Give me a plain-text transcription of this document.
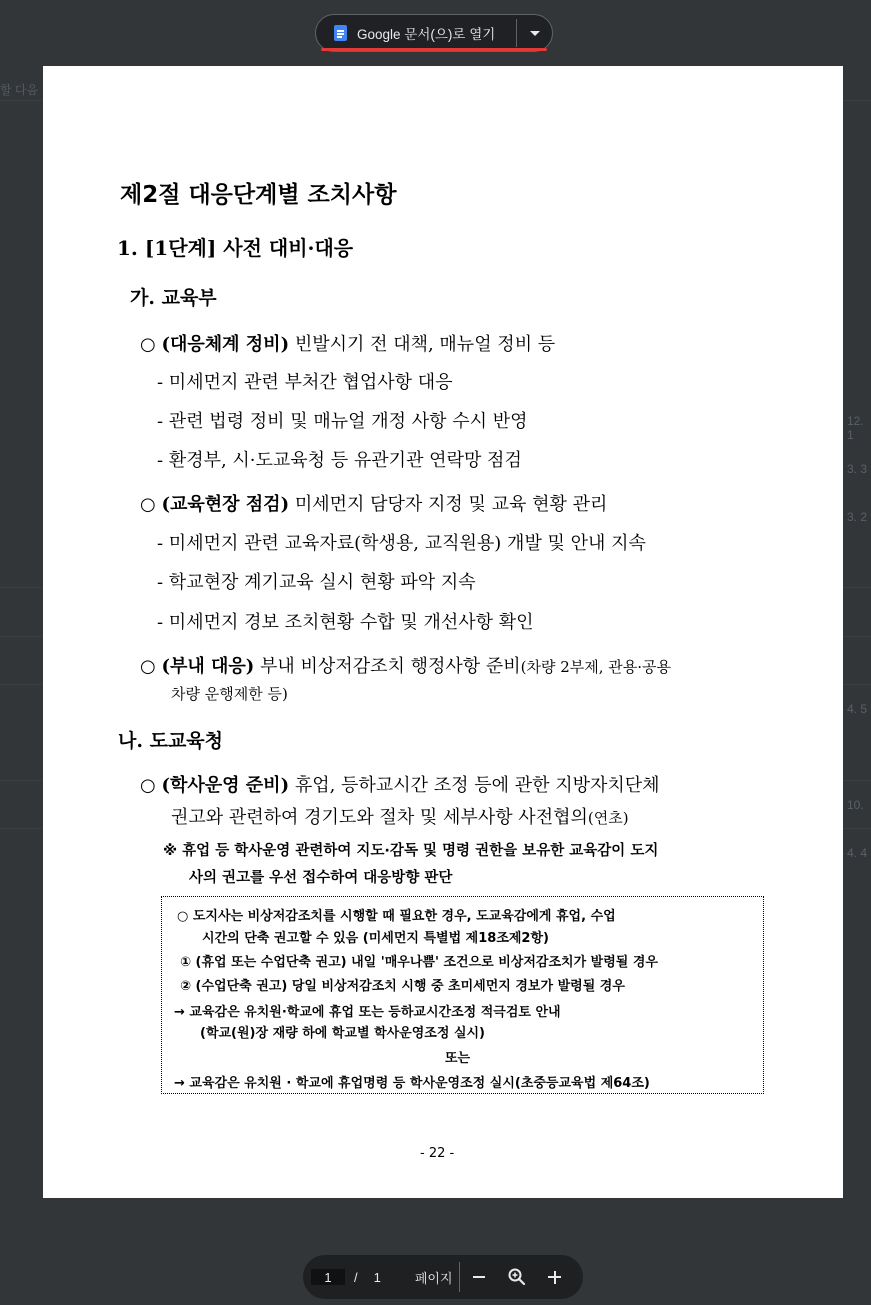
할 다음
12. 1
3. 3
3. 2
4. 5
10.
4. 4
Google 문서(으)로 열기
제2절 대응단계별 조치사항
1. [1단계] 사전 대비·대응
가. 교육부
○ (대응체계 정비) 빈발시기 전 대책, 매뉴얼 정비 등
- 미세먼지 관련 부처간 협업사항 대응
- 관련 법령 정비 및 매뉴얼 개정 사항 수시 반영
- 환경부, 시·도교육청 등 유관기관 연락망 점검
○ (교육현장 점검) 미세먼지 담당자 지정 및 교육 현황 관리
- 미세먼지 관련 교육자료(학생용, 교직원용) 개발 및 안내 지속
- 학교현장 계기교육 실시 현황 파악 지속
- 미세먼지 경보 조치현황 수합 및 개선사항 확인
○ (부내 대응) 부내 비상저감조치 행정사항 준비(차량 2부제, 관용·공용
차량 운행제한 등)
나. 도교육청
○ (학사운영 준비) 휴업, 등하교시간 조정 등에 관한 지방자치단체
권고와 관련하여 경기도와 절차 및 세부사항 사전협의(연초)
※ 휴업 등 학사운영 관련하여 지도·감독 및 명령 권한을 보유한 교육감이 도지
사의 권고를 우선 접수하여 대응방향 판단
○ 도지사는 비상저감조치를 시행할 때 필요한 경우, 도교육감에게 휴업, 수업
시간의 단축 권고할 수 있음 (미세먼지 특별법 제18조제2항)
① (휴업 또는 수업단축 권고) 내일 '매우나쁨' 조건으로 비상저감조치가 발령될 경우
② (수업단축 권고) 당일 비상저감조치 시행 중 초미세먼지 경보가 발령될 경우
→ 교육감은 유치원·학교에 휴업 또는 등하교시간조정 적극검토 안내
(학교(원)장 재량 하에 학교별 학사운영조정 실시)
또는
→ 교육감은 유치원 · 학교에 휴업명령 등 학사운영조정 실시(초중등교육법 제64조)
- 22 -
1
/ 1	페이지
